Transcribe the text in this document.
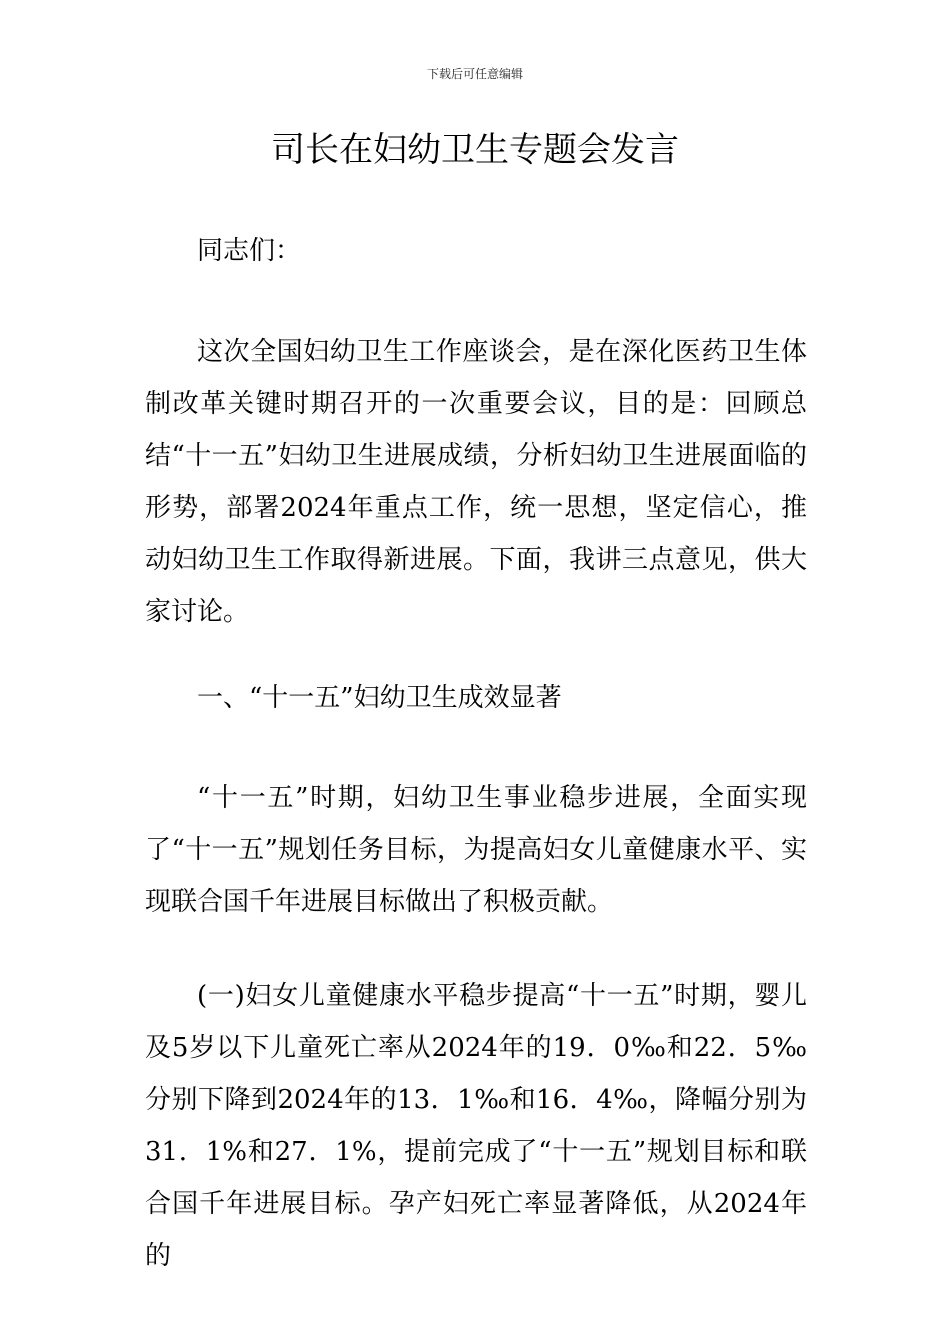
下载后可任意编辑
司长在妇幼卫生专题会发言

同志们：

这次全国妇幼卫生工作座谈会，是在深化医药卫生体制改革关键时期召开的一次重要会议，目的是：回顾总结“十一五”妇幼卫生进展成绩，分析妇幼卫生进展面临的形势，部署2024年重点工作，统一思想，坚定信心，推动妇幼卫生工作取得新进展。下面，我讲三点意见，供大家讨论。

一、“十一五”妇幼卫生成效显著

“十一五”时期，妇幼卫生事业稳步进展，全面实现了“十一五”规划任务目标，为提高妇女儿童健康水平、实现联合国千年进展目标做出了积极贡献。

(一)妇女儿童健康水平稳步提高“十一五”时期，婴儿及5岁以下儿童死亡率从2024年的19．0‰和22．5‰分别下降到2024年的13．1‰和16．4‰，降幅分别为31．1%和27．1%，提前完成了“十一五”规划目标和联合国千年进展目标。孕产妇死亡率显著降低，从2024年的
